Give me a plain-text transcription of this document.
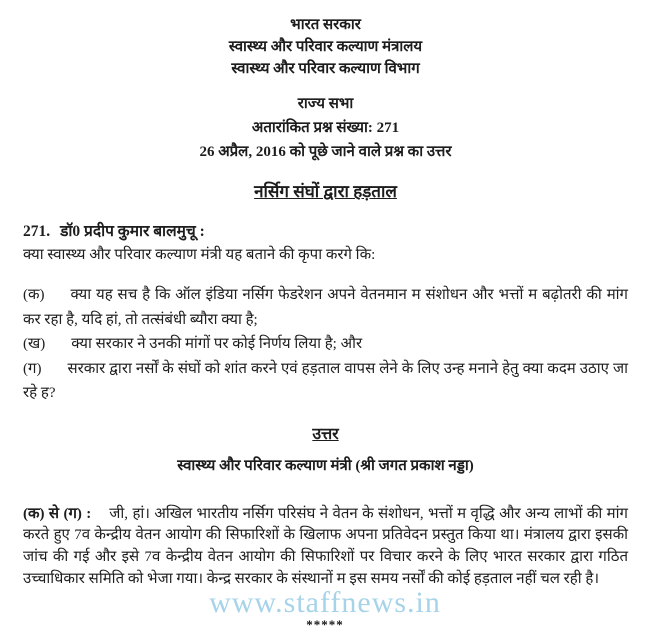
भारत सरकार
स्वास्थ्य और परिवार कल्याण मंत्रालय
स्वास्थ्य और परिवार कल्याण विभाग
राज्य सभा
अतारांकित प्रश्न संख्या: 271
26 अप्रैल, 2016 को पूछे जाने वाले प्रश्न का उत्तर
नर्सिग संघों द्वारा हड़ताल
271. डॉ0 प्रदीप कुमार बालमुचू :
क्या स्वास्थ्य और परिवार कल्याण मंत्री यह बताने की कृपा करगे कि:

(क) क्या यह सच है कि ऑल इंडिया नर्सिग फेडरेशन अपने वेतनमान म संशोधन और भत्तों म बढ़ोतरी की मांग कर रहा है, यदि हां, तो तत्संबंधी ब्यौरा क्या है;

(ख) क्या सरकार ने उनकी मांगों पर कोई निर्णय लिया है; और

(ग) सरकार द्वारा नर्सों के संघों को शांत करने एवं हड़ताल वापस लेने के लिए उन्ह मनाने हेतु क्या कदम उठाए जा रहे ह?

उत्तर
स्वास्थ्य और परिवार कल्याण मंत्री (श्री जगत प्रकाश नड्डा)

(क) से (ग) : जी, हां। अखिल भारतीय नर्सिग परिसंघ ने वेतन के संशोधन, भत्तों म वृद्धि और अन्य लाभों की मांग करते हुए 7व केन्द्रीय वेतन आयोग की सिफारिशों के खिलाफ अपना प्रतिवेदन प्रस्तुत किया था। मंत्रालय द्वारा इसकी जांच की गई और इसे 7व केन्द्रीय वेतन आयोग की सिफारिशों पर विचार करने के लिए भारत सरकार द्वारा गठित उच्चाधिकार समिति को भेजा गया। केन्द्र सरकार के संस्थानों म इस समय नर्सों की कोई हड़ताल नहीं चल रही है।

www.staffnews.in
*****
